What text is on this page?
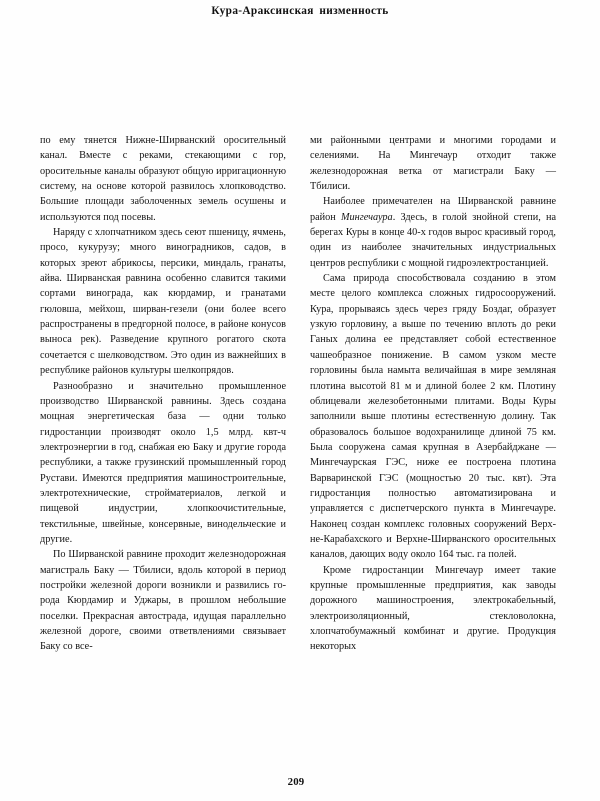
Кура-Араксинская низменность

по ему тянется Нижне-Ширванский оросительный канал. Вместе с реками, стекающими с гор, оросительные каналы образуют общую ирригационную систему, на основе которой развилось хлопководство. Большие площади заболоченных земель осушены и используются под посевы.

Наряду с хлопчатником здесь сеют пшеницу, ячмень, просо, кукурузу; много виноградников, садов, в которых зреют абрикосы, персики, миндаль, гранаты, айва. Ширванская равнина особенно славится такими сортами винограда, как кюрдамир, и гранатами гюловша, мейхош, ширван-гезели (они более всего распространены в предгорной полосе, в районе конусов выноса рек). Разведение крупного рогатого скота сочетается с шелководством. Это один из важнейших в республике районов культуры шелкопрядов.

Разнообразно и значительно промышленное производство Ширванской равнины. Здесь создана мощная энергетическая база — одни только гидростанции производят около 1,5 млрд. квт-ч электроэнергии в год, снабжая ею Баку и другие города республики, а также грузинский промышленный город Рустави. Имеются предприятия машиностроительные, электротехнические, стройматериалов, легкой и пищевой индустрии, хлопкоочистительные, текстильные, швейные, консервные, винодельческие и другие.

По Ширванской равнине проходит железнодорожная магистраль Баку — Тбилиси, вдоль которой в период постройки железной дороги возникли и развились города Кюрдамир и Уджары, в прошлом небольшие поселки. Прекрасная автострада, идущая параллельно железной дороге, своими ответвлениями связывает Баку со все-

ми районными центрами и многими городами и селениями. На Мингечаур отходит также железнодорожная ветка от магистрали Баку — Тбилиси.

Наиболее примечателен на Ширванской равнине район Мингечаура. Здесь, в голой знойной степи, на берегах Куры в конце 40-х годов вырос красивый город, один из наиболее значительных индустриальных центров республики с мощной гидроэлектростанцией.

Сама природа способствовала созданию в этом месте целого комплекса сложных гидросооружений. Кура, прорываясь здесь через гряду Боздаг, образует узкую горловину, а выше по течению вплоть до реки Ганых долина ее представляет собой естественное чашеобразное понижение. В самом узком месте горловины была намыта величайшая в мире земляная плотина высотой 81 м и длиной более 2 км. Плотину облицевали железобетонными плитами. Воды Куры заполнили выше плотины естественную долину. Так образовалось большое водохранилище длиной 75 км. Была сооружена самая крупная в Азербайджане — Мингечаурская ГЭС, ниже ее построена плотина Варваринской ГЭС (мощностью 20 тыс. квт). Эта гидростанция полностью автоматизирована и управляется с диспетчерского пункта в Мингечауре. Наконец создан комплекс головных сооружений Верхне-Карабахского и Верхне-Ширванского оросительных каналов, дающих воду около 164 тыс. га полей.

Кроме гидростанции Мингечаур имеет такие крупные промышленные предприятия, как заводы дорожного машиностроения, электрокабельный, электроизоляционный, стекловолокна, хлопчатобумажный комбинат и другие. Продукция некоторых

209
